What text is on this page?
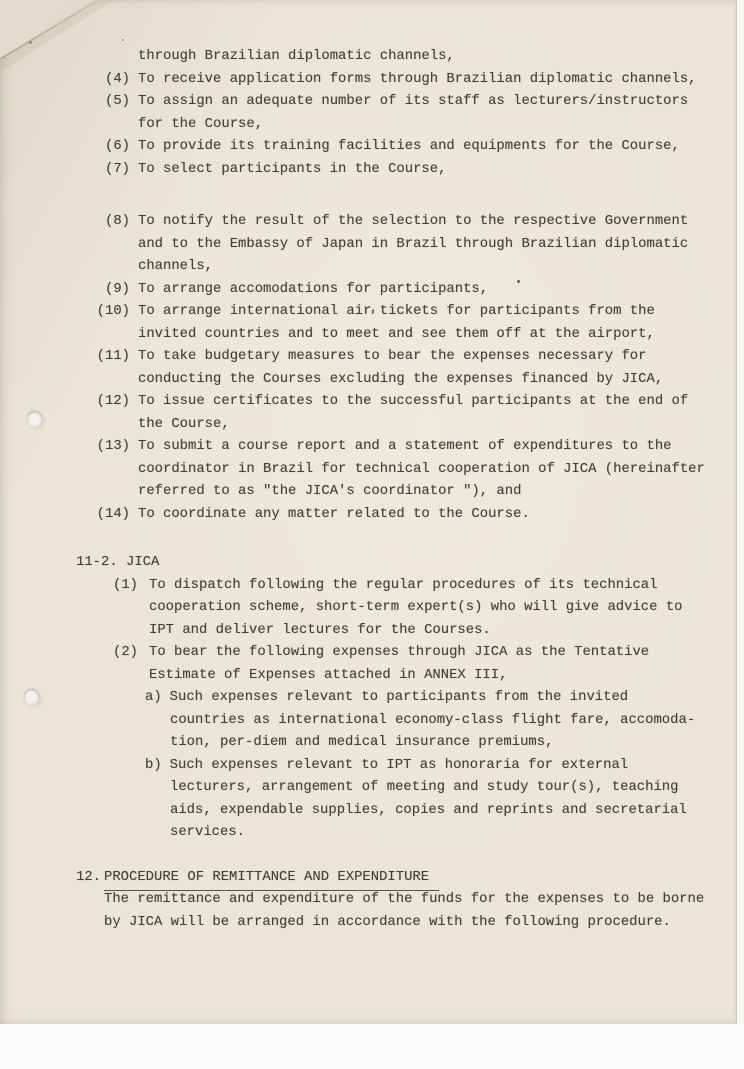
through Brazilian diplomatic channels,
(4) To receive application forms through Brazilian diplomatic channels,
(5) To assign an adequate number of its staff as lecturers/instructors
for the Course,
(6) To provide its training facilities and equipments for the Course,
(7) To select participants in the Course,
(8) To notify the result of the selection to the respective Government
and to the Embassy of Japan in Brazil through Brazilian diplomatic
channels,
(9) To arrange accomodations for participants,
(10) To arrange international air tickets for participants from the
invited countries and to meet and see them off at the airport,
(11) To take budgetary measures to bear the expenses necessary for
conducting the Courses excluding the expenses financed by JICA,
(12) To issue certificates to the successful participants at the end of
the Course,
(13) To submit a course report and a statement of expenditures to the
coordinator in Brazil for technical cooperation of JICA (hereinafter
referred to as "the JICA's coordinator "), and
(14) To coordinate any matter related to the Course.
11-2. JICA
(1) To dispatch following the regular procedures of its technical
cooperation scheme, short-term expert(s) who will give advice to
IPT and deliver lectures for the Courses.
(2) To bear the following expenses through JICA as the Tentative
Estimate of Expenses attached in ANNEX III,
a) Such expenses relevant to participants from the invited
countries as international economy-class flight fare, accomoda-
tion, per-diem and medical insurance premiums,
b) Such expenses relevant to IPT as honoraria for external
lecturers, arrangement of meeting and study tour(s), teaching
aids, expendable supplies, copies and reprints and secretarial
services.
12. PROCEDURE OF REMITTANCE AND EXPENDITURE
The remittance and expenditure of the funds for the expenses to be borne
by JICA will be arranged in accordance with the following procedure.
